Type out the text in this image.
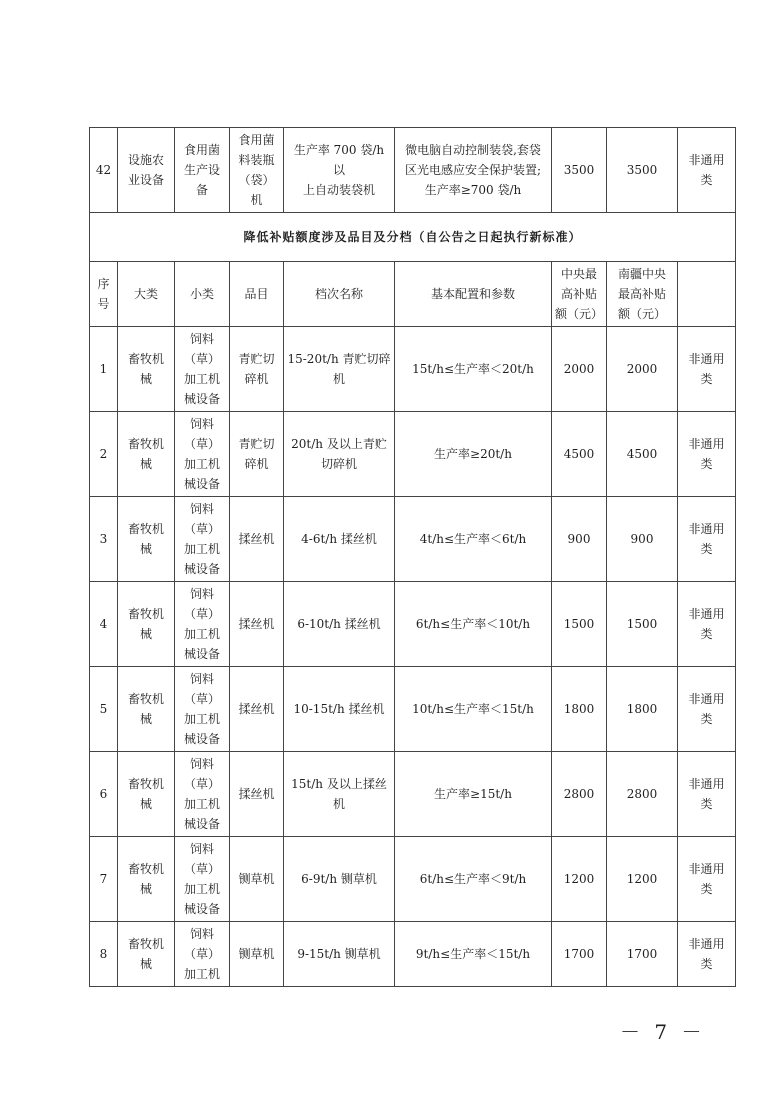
42	设施农
业设备	食用菌
生产设
备	食用菌
料装瓶
（袋）
机	生产率 700 袋/h 以
上自动装袋机	微电脑自动控制装袋,套袋
区光电感应安全保护装置;
生产率≥700 袋/h	3500	3500	非通用
类
降低补贴额度涉及品目及分档（自公告之日起执行新标准）								
序
号	大类	小类	品目	档次名称	基本配置和参数	中央最
高补贴
额（元）	南疆中央
最高补贴
额（元）	
1	畜牧机
械	饲料
（草）
加工机
械设备	青贮切
碎机	15-20t/h 青贮切碎
机	15t/h≤生产率＜20t/h	2000	2000	非通用
类
2	畜牧机
械	饲料
（草）
加工机
械设备	青贮切
碎机	20t/h 及以上青贮
切碎机	生产率≥20t/h	4500	4500	非通用
类
3	畜牧机
械	饲料
（草）
加工机
械设备	揉丝机	4-6t/h 揉丝机	4t/h≤生产率＜6t/h	900	900	非通用
类
4	畜牧机
械	饲料
（草）
加工机
械设备	揉丝机	6-10t/h 揉丝机	6t/h≤生产率＜10t/h	1500	1500	非通用
类
5	畜牧机
械	饲料
（草）
加工机
械设备	揉丝机	10-15t/h 揉丝机	10t/h≤生产率＜15t/h	1800	1800	非通用
类
6	畜牧机
械	饲料
（草）
加工机
械设备	揉丝机	15t/h 及以上揉丝
机	生产率≥15t/h	2800	2800	非通用
类
7	畜牧机
械	饲料
（草）
加工机
械设备	铡草机	6-9t/h 铡草机	6t/h≤生产率＜9t/h	1200	1200	非通用
类
8	畜牧机
械	饲料
（草）
加工机	铡草机	9-15t/h 铡草机	9t/h≤生产率＜15t/h	1700	1700	非通用
类
－ 7 －
